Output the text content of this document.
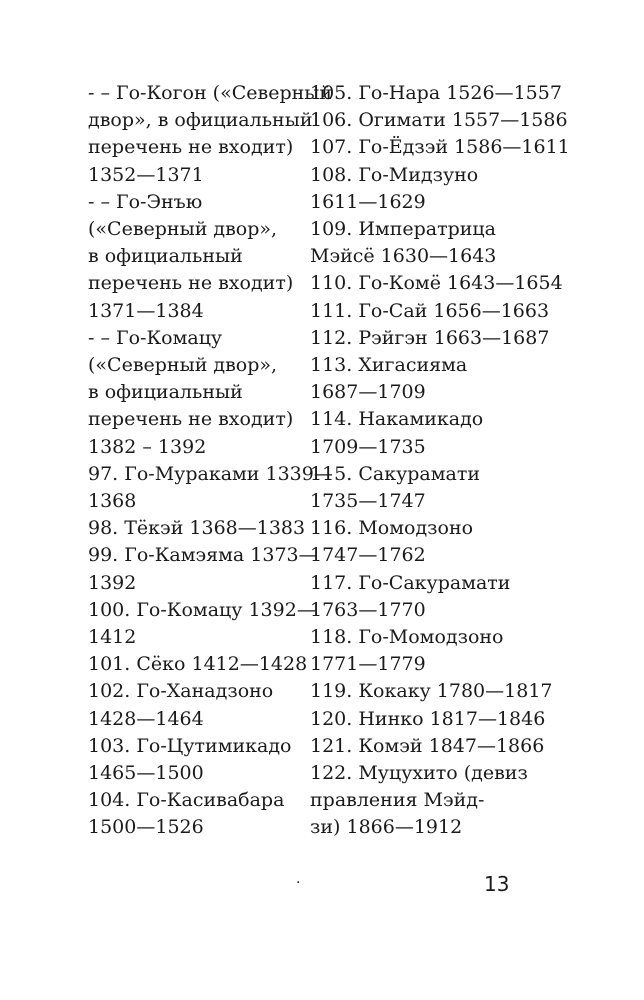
- – Го-Когон («Северный
двор», в официальный
перечень не входит)
1352—1371

- – Го-Энъю
(«Северный двор»,
в официальный
перечень не входит)
1371—1384

- – Го-Комацу
(«Северный двор»,
в официальный
перечень не входит)
1382 – 1392

97. Го-Мураками 1339—
1368

98. Тёкэй 1368—1383

99. Го-Камэяма 1373—
1392

100. Го-Комацу 1392—
1412

101. Сёко 1412—1428

102. Го-Ханадзоно
1428—1464

103. Го-Цутимикадо
1465—1500

104. Го-Касивабара
1500—1526

105. Го-Нара 1526—1557

106. Огимати 1557—1586

107. Го-Ёдзэй 1586—1611

108. Го-Мидзуно
1611—1629

109. Императрица
Мэйсё 1630—1643

110. Го-Комё 1643—1654

111. Го-Сай 1656—1663

112. Рэйгэн 1663—1687

113. Хигасияма
1687—1709

114. Накамикадо
1709—1735

115. Сакурамати
1735—1747

116. Момодзоно
1747—1762

117. Го-Сакурамати
1763—1770

118. Го-Момодзоно
1771—1779

119. Кокаку 1780—1817

120. Нинко 1817—1846

121. Комэй 1847—1866

122. Муцухито (девиз
правления Мэйд-
зи) 1866—1912

.	13
